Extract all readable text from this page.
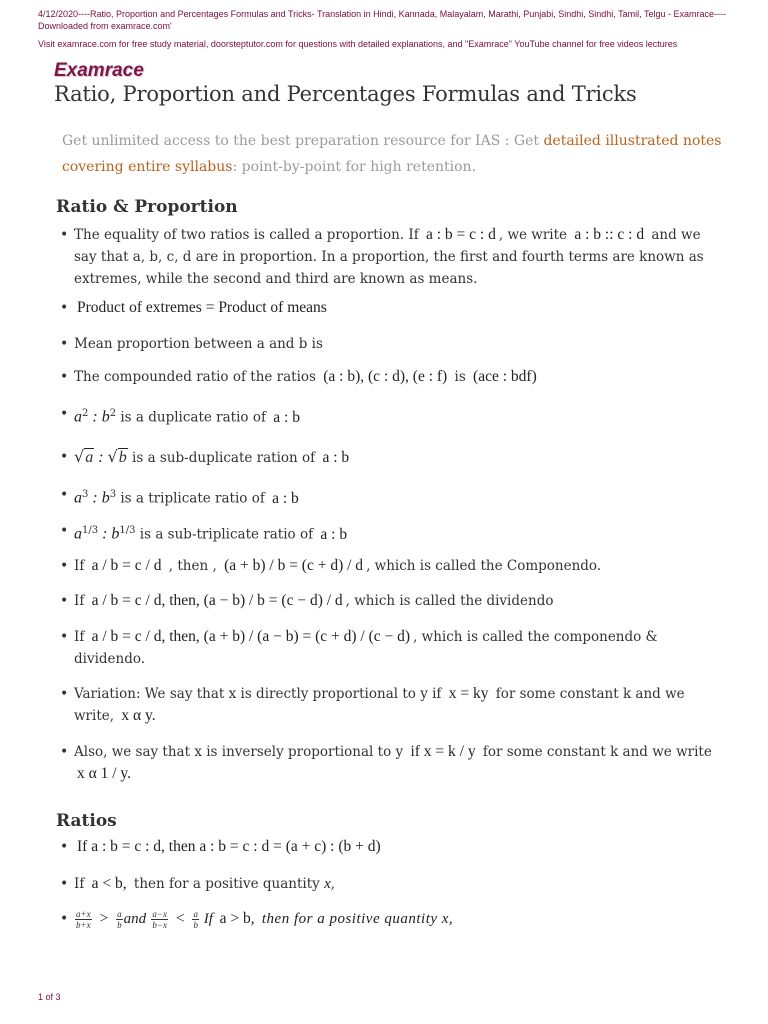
4/12/2020----Ratio, Proportion and Percentages Formulas and Tricks- Translation in Hindi, Kannada, Malayalam, Marathi, Punjabi, Sindhi, Sindhi, Tamil, Telgu - Examrace----Downloaded from examrace.com'
Visit examrace.com for free study material, doorsteptutor.com for questions with detailed explanations, and "Examrace" YouTube channel for free videos lectures
Examrace
Ratio, Proportion and Percentages Formulas and Tricks
Get unlimited access to the best preparation resource for IAS : Get detailed illustrated notes covering entire syllabus: point-by-point for high retention.
Ratio & Proportion
• The equality of two ratios is called a proportion. If a : b = c : d , we write a : b :: c : d and we say that a, b, c, d are in proportion. In a proportion, the first and fourth terms are known as extremes, while the second and third are known as means.
• Product of extremes = Product of means
• Mean proportion between a and b is
• The compounded ratio of the ratios (a : b), (c : d), (e : f) is (ace : bdf)
• $a^2$ : $b^2$ is a duplicate ratio of a : b
• √a : √b is a sub-duplicate ration of a : b
• $a^3$ : $b^3$ is a triplicate ratio of a : b
• $a^{1/3}$ : $b^{1/3}$ is a sub-triplicate ratio of a : b
• If a / b = c / d , then , (a + b) / b = (c + d) / d , which is called the Componendo.
• If a / b = c / d, then, (a − b) / b = (c − d) / d , which is called the dividendo
• If a / b = c / d, then, (a + b) / (a − b) = (c + d) / (c − d) , which is called the componendo & dividendo.
• Variation: We say that x is directly proportional to y if x = ky for some constant k and we write, x α y.
• Also, we say that x is inversely proportional to y if x = k / y for some constant k and we write x α 1 / y.
Ratios
• If a : b = c : d, then a : b = c : d = (a + c) : (b + d)
• If a < b, then for a positive quantity x,
• $\frac{a+x}{b+x} > \frac{a}{b}$ and $\frac{a-x}{b-x} < \frac{a}{b}$ If a > b, then for a positive quantity x,
1 of 3
